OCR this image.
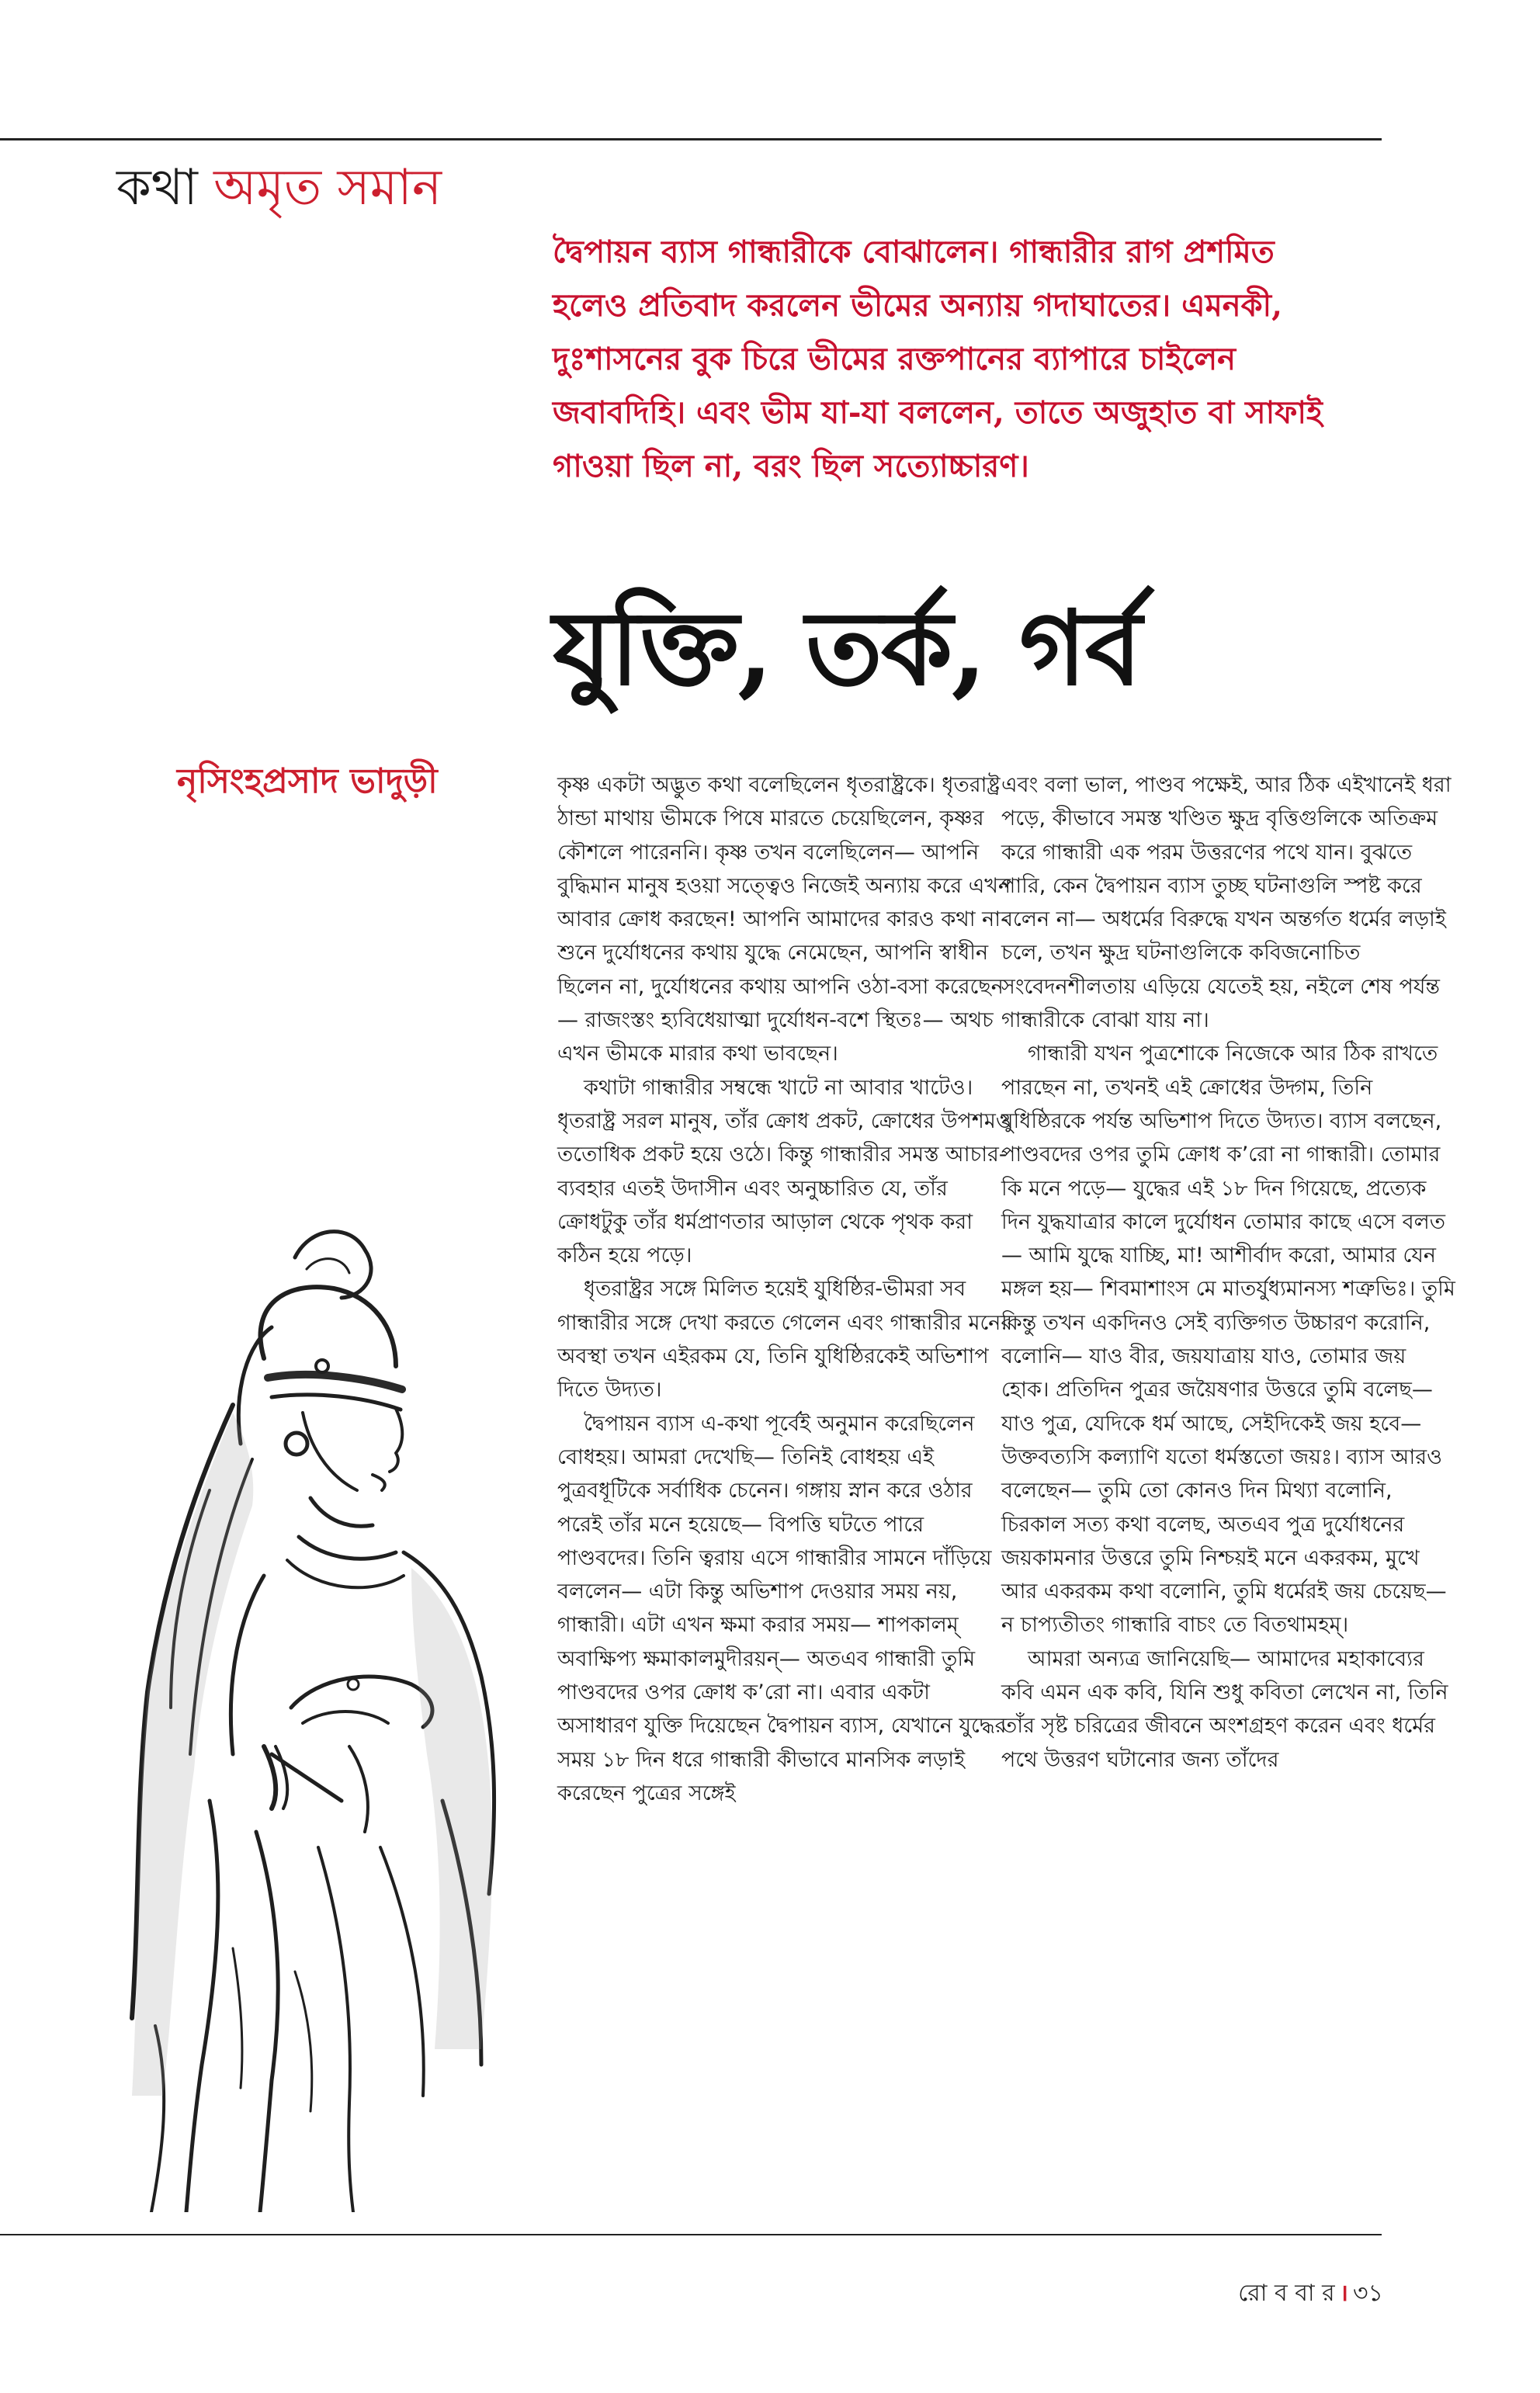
কথা অমৃত সমান
দ্বৈপায়ন ব্যাস গান্ধারীকে বোঝালেন। গান্ধারীর রাগ প্রশমিত হলেও প্রতিবাদ করলেন ভীমের অন্যায় গদাঘাতের। এমনকী, দুঃশাসনের বুক চিরে ভীমের রক্তপানের ব্যাপারে চাইলেন জবাবদিহি। এবং ভীম যা-যা বললেন, তাতে অজুহাত বা সাফাই গাওয়া ছিল না, বরং ছিল সত্যোচ্চারণ।
যুক্তি, তর্ক, গর্ব
নৃসিংহপ্রসাদ ভাদুড়ী	কৃষ্ণ একটা অদ্ভুত কথা বলেছিলেন ধৃতরাষ্ট্রকে। ধৃতরাষ্ট্র ঠান্ডা মাথায় ভীমকে পিষে মারতে চেয়েছিলেন, কৃষ্ণর কৌশলে পারেননি। কৃষ্ণ তখন বলেছিলেন— আপনি বুদ্ধিমান মানুষ হওয়া সত্ত্বেও নিজেই অন্যায় করে এখন আবার ক্রোধ করছেন! আপনি আমাদের কারও কথা না-শুনে দুর্যোধনের কথায় যুদ্ধে নেমেছেন, আপনি স্বাধীন ছিলেন না, দুর্যোধনের কথায় আপনি ওঠা-বসা করেছেন— রাজংস্তং হ্যবিধেয়াত্মা দুর্যোধন-বশে স্থিতঃ— অথচ এখন ভীমকে মারার কথা ভাবছেন।

কথাটা গান্ধারীর সম্বন্ধে খাটে না আবার খাটেও। ধৃতরাষ্ট্র সরল মানুষ, তাঁর ক্রোধ প্রকট, ক্রোধের উপশমও ততোধিক প্রকট হয়ে ওঠে। কিন্তু গান্ধারীর সমস্ত আচার-ব্যবহার এতই উদাসীন এবং অনুচ্চারিত যে, তাঁর ক্রোধটুকু তাঁর ধর্মপ্রাণতার আড়াল থেকে পৃথক করা কঠিন হয়ে পড়ে।

ধৃতরাষ্ট্রর সঙ্গে মিলিত হয়েই যুধিষ্ঠির-ভীমরা সব গান্ধারীর সঙ্গে দেখা করতে গেলেন এবং গান্ধারীর মনের অবস্থা তখন এইরকম যে, তিনি যুধিষ্ঠিরকেই অভিশাপ দিতে উদ্যত।

দ্বৈপায়ন ব্যাস এ-কথা পূর্বেই অনুমান করেছিলেন বোধহয়। আমরা দেখেছি— তিনিই বোধহয় এই পুত্রবধূটিকে সর্বাধিক চেনেন। গঙ্গায় স্নান করে ওঠার পরেই তাঁর মনে হয়েছে— বিপত্তি ঘটতে পারে পাণ্ডবদের। তিনি ত্বরায় এসে গান্ধারীর সামনে দাঁড়িয়ে বললেন— এটা কিন্তু অভিশাপ দেওয়ার সময় নয়, গান্ধারী। এটা এখন ক্ষমা করার সময়— শাপকালম্ অবাক্ষিপ্য ক্ষমাকালমুদীরয়ন্— অতএব গান্ধারী তুমি পাণ্ডবদের ওপর ক্রোধ ক’রো না। এবার একটা অসাধারণ যুক্তি দিয়েছেন দ্বৈপায়ন ব্যাস, যেখানে যুদ্ধের সময় ১৮ দিন ধরে গান্ধারী কীভাবে মানসিক লড়াই করেছেন পুত্রের সঙ্গেই

এবং বলা ভাল, পাণ্ডব পক্ষেই, আর ঠিক এইখানেই ধরা পড়ে, কীভাবে সমস্ত খণ্ডিত ক্ষুদ্র বৃত্তিগুলিকে অতিক্রম করে গান্ধারী এক পরম উত্তরণের পথে যান। বুঝতে পারি, কেন দ্বৈপায়ন ব্যাস তুচ্ছ ঘটনাগুলি স্পষ্ট করে বলেন না— অধর্মের বিরুদ্ধে যখন অন্তর্গত ধর্মের লড়াই চলে, তখন ক্ষুদ্র ঘটনাগুলিকে কবিজনোচিত সংবেদনশীলতায় এড়িয়ে যেতেই হয়, নইলে শেষ পর্যন্ত গান্ধারীকে বোঝা যায় না।

গান্ধারী যখন পুত্রশোকে নিজেকে আর ঠিক রাখতে পারছেন না, তখনই এই ক্রোধের উদ্গম, তিনি যুধিষ্ঠিরকে পর্যন্ত অভিশাপ দিতে উদ্যত। ব্যাস বলছেন, পাণ্ডবদের ওপর তুমি ক্রোধ ক’রো না গান্ধারী। তোমার কি মনে পড়ে— যুদ্ধের এই ১৮ দিন গিয়েছে, প্রত্যেক দিন যুদ্ধযাত্রার কালে দুর্যোধন তোমার কাছে এসে বলত— আমি যুদ্ধে যাচ্ছি, মা! আশীর্বাদ করো, আমার যেন মঙ্গল হয়— শিবমাশাংস মে মাতর্যুধ্যমানস্য শত্রুভিঃ। তুমি কিন্তু তখন একদিনও সেই ব্যক্তিগত উচ্চারণ করোনি, বলোনি— যাও বীর, জয়যাত্রায় যাও, তোমার জয় হোক। প্রতিদিন পুত্রর জয়ৈষণার উত্তরে তুমি বলেছ— যাও পুত্র, যেদিকে ধর্ম আছে, সেইদিকেই জয় হবে— উক্তবত্যসি কল্যাণি যতো ধর্মস্ততো জয়ঃ। ব্যাস আরও বলেছেন— তুমি তো কোনও দিন মিথ্যা বলোনি, চিরকাল সত্য কথা বলেছ, অতএব পুত্র দুর্যোধনের জয়কামনার উত্তরে তুমি নিশ্চয়ই মনে একরকম, মুখে আর একরকম কথা বলোনি, তুমি ধর্মেরই জয় চেয়েছ— ন চাপ্যতীতং গান্ধারি বাচং তে বিতথামহম্।

আমরা অন্যত্র জানিয়েছি— আমাদের মহাকাব্যের কবি এমন এক কবি, যিনি শুধু কবিতা লেখেন না, তিনি তাঁর সৃষ্ট চরিত্রের জীবনে অংশগ্রহণ করেন এবং ধর্মের পথে উত্তরণ ঘটানোর জন্য তাঁদের

রো ব বা র । ৩১
